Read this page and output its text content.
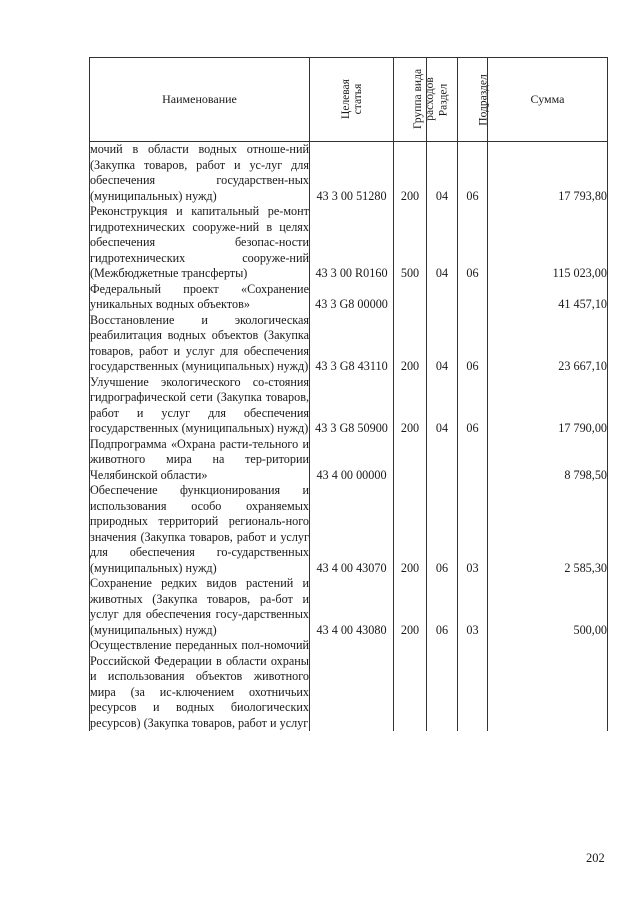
Наименование	Целевая статья	Группа вида расходов	Раздел	Подраздел	Сумма
мочий в области водных отноше-ний (Закупка товаров, работ и ус-луг для обеспечения государствен-ных (муниципальных) нужд)	43 3 00 51280	200	04	06	17 793,80
Реконструкция и капитальный ре-монт гидротехнических сооруже-ний в целях обеспечения безопас-ности гидротехнических сооруже-ний (Межбюджетные трансферты)	43 3 00 R0160	500	04	06	115 023,00
Федеральный проект «Сохранение уникальных водных объектов»	43 3 G8 00000				41 457,10
Восстановление и экологическая реабилитация водных объектов (Закупка товаров, работ и услуг для обеспечения государственных (муниципальных) нужд)	43 3 G8 43110	200	04	06	23 667,10
Улучшение экологического со-стояния гидрографической сети (Закупка товаров, работ и услуг для обеспечения государственных (муниципальных) нужд)	43 3 G8 50900	200	04	06	17 790,00
Подпрограмма «Охрана расти-тельного и животного мира на тер-ритории Челябинской области»	43 4 00 00000				8 798,50
Обеспечение функционирования и использования особо охраняемых природных территорий региональ-ного значения (Закупка товаров, работ и услуг для обеспечения го-сударственных (муниципальных) нужд)	43 4 00 43070	200	06	03	2 585,30
Сохранение редких видов растений и животных (Закупка товаров, ра-бот и услуг для обеспечения госу-дарственных (муниципальных) нужд)	43 4 00 43080	200	06	03	500,00
Осуществление переданных пол-номочий Российской Федерации в области охраны и использования объектов животного мира (за ис-ключением охотничьих ресурсов и водных биологических ресурсов) (Закупка товаров, работ и услуг					
202
